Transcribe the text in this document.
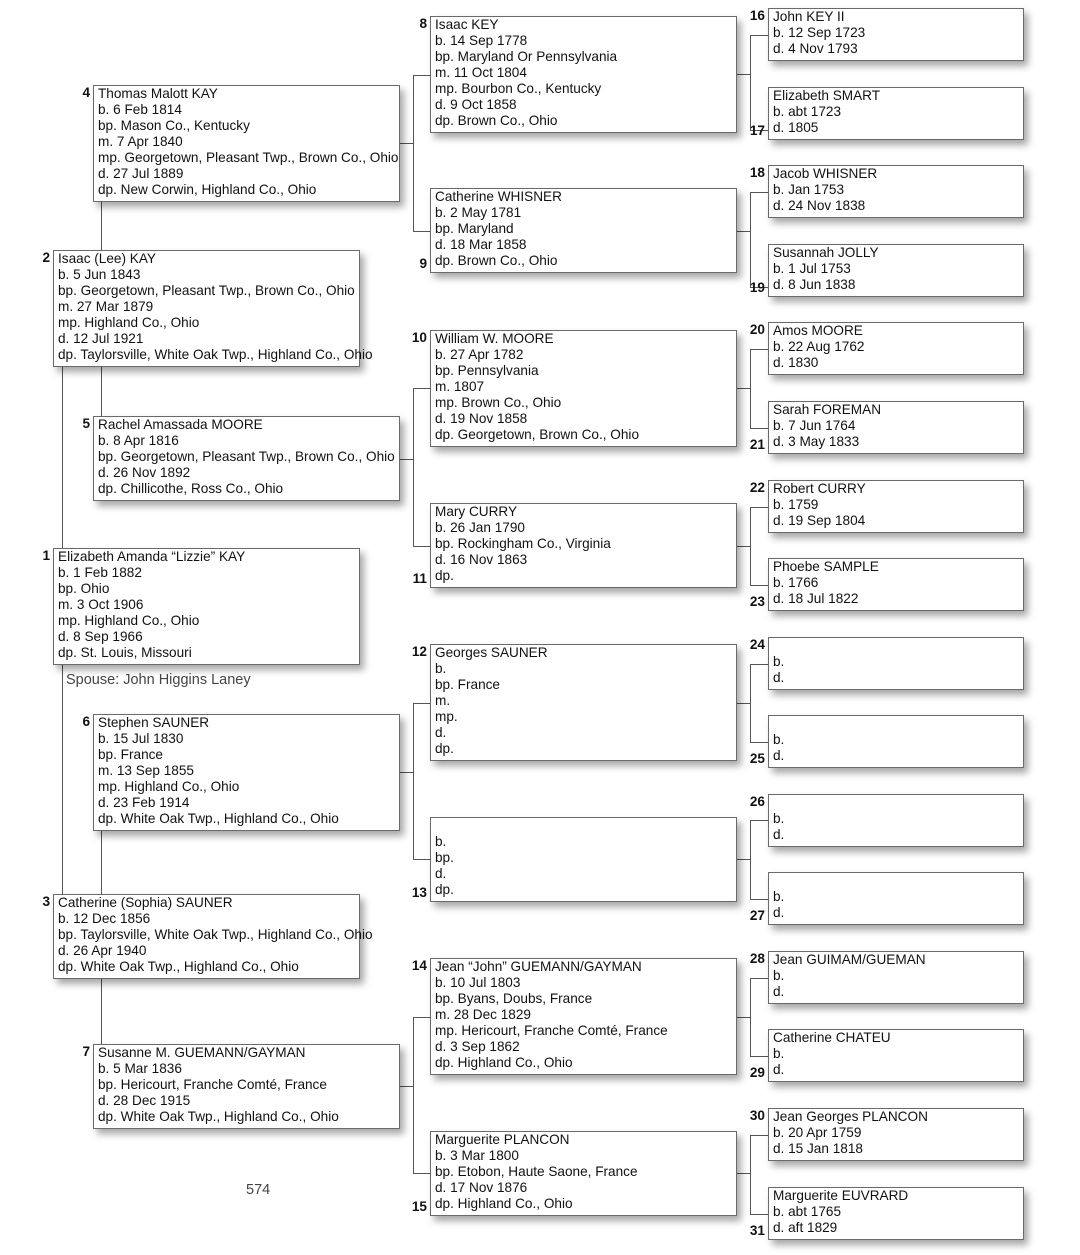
Elizabeth Amanda “Lizzie” KAY
b. 1 Feb 1882
bp. Ohio
m. 3 Oct 1906
mp. Highland Co., Ohio
d. 8 Sep 1966
dp. St. Louis, Missouri
1
Isaac (Lee) KAY
b. 5 Jun 1843
bp. Georgetown, Pleasant Twp., Brown Co., Ohio
m. 27 Mar 1879
mp. Highland Co., Ohio
d. 12 Jul 1921
dp. Taylorsville, White Oak Twp., Highland Co., Ohio
2
Catherine (Sophia) SAUNER
b. 12 Dec 1856
bp. Taylorsville, White Oak Twp., Highland Co., Ohio
d. 26 Apr 1940
dp. White Oak Twp., Highland Co., Ohio
3
Thomas Malott KAY
b. 6 Feb 1814
bp. Mason Co., Kentucky
m. 7 Apr 1840
mp. Georgetown, Pleasant Twp., Brown Co., Ohio
d. 27 Jul 1889
dp. New Corwin, Highland Co., Ohio
4
Rachel Amassada MOORE
b. 8 Apr 1816
bp. Georgetown, Pleasant Twp., Brown Co., Ohio
d. 26 Nov 1892
dp. Chillicothe, Ross Co., Ohio
5
Stephen SAUNER
b. 15 Jul 1830
bp. France
m. 13 Sep 1855
mp. Highland Co., Ohio
d. 23 Feb 1914
dp. White Oak Twp., Highland Co., Ohio
6
Susanne M. GUEMANN/GAYMAN
b. 5 Mar 1836
bp. Hericourt, Franche Comté, France
d. 28 Dec 1915
dp. White Oak Twp., Highland Co., Ohio
7
Isaac KEY
b. 14 Sep 1778
bp. Maryland Or Pennsylvania
m. 11 Oct 1804
mp. Bourbon Co., Kentucky
d. 9 Oct 1858
dp. Brown Co., Ohio
8
Catherine WHISNER
b. 2 May 1781
bp. Maryland
d. 18 Mar 1858
dp. Brown Co., Ohio
9
William W. MOORE
b. 27 Apr 1782
bp. Pennsylvania
m. 1807
mp. Brown Co., Ohio
d. 19 Nov 1858
dp. Georgetown, Brown Co., Ohio
10
Mary CURRY
b. 26 Jan 1790
bp. Rockingham Co., Virginia
d. 16 Nov 1863
dp.
11
Georges SAUNER
b.
bp. France
m.
mp.
d.
dp.
12

b.
bp.
d.
dp.
13
Jean “John” GUEMANN/GAYMAN
b. 10 Jul 1803
bp. Byans, Doubs, France
m. 28 Dec 1829
mp. Hericourt, Franche Comté, France
d. 3 Sep 1862
dp. Highland Co., Ohio
14
Marguerite PLANCON
b. 3 Mar 1800
bp. Etobon, Haute Saone, France
d. 17 Nov 1876
dp. Highland Co., Ohio
15
John KEY II
b. 12 Sep 1723
d. 4 Nov 1793
16
Elizabeth SMART
b. abt 1723
d. 1805
17
Jacob WHISNER
b. Jan 1753
d. 24 Nov 1838
18
Susannah JOLLY
b. 1 Jul 1753
d. 8 Jun 1838
19
Amos MOORE
b. 22 Aug 1762
d. 1830
20
Sarah FOREMAN
b. 7 Jun 1764
d. 3 May 1833
21
Robert CURRY
b. 1759
d. 19 Sep 1804
22
Phoebe SAMPLE
b. 1766
d. 18 Jul 1822
23

b.
d.
24

b.
d.
25

b.
d.
26

b.
d.
27
Jean GUIMAM/GUEMAN
b.
d.
28
Catherine CHATEU
b.
d.
29
Jean Georges PLANCON
b. 20 Apr 1759
d. 15 Jan 1818
30
Marguerite EUVRARD
b. abt 1765
d. aft 1829
31
Spouse: John Higgins Laney
574
